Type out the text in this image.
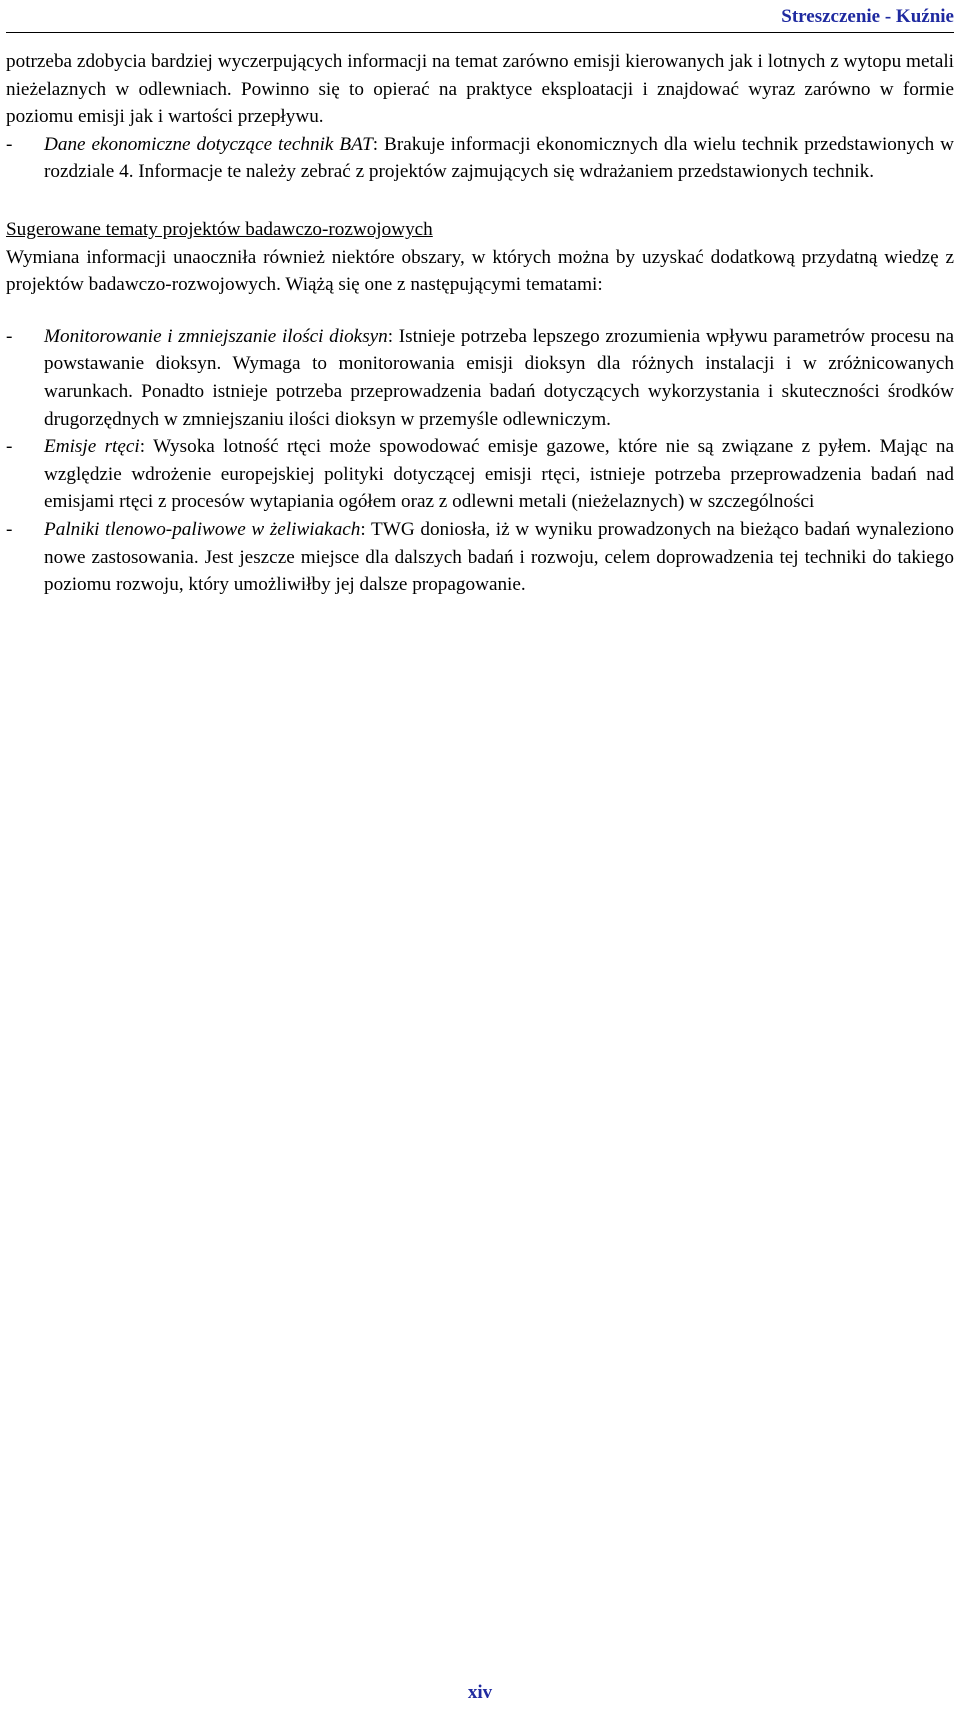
Streszczenie - Kuźnie

potrzeba zdobycia bardziej wyczerpujących informacji na temat zarówno emisji kierowanych jak i lotnych z wytopu metali nieżelaznych w odlewniach. Powinno się to opierać na praktyce eksploatacji i znajdować wyraz zarówno w formie poziomu emisji jak i wartości przepływu.

- Dane ekonomiczne dotyczące technik BAT: Brakuje informacji ekonomicznych dla wielu technik przedstawionych w rozdziale 4. Informacje te należy zebrać z projektów zajmujących się wdrażaniem przedstawionych technik.

Sugerowane tematy projektów badawczo-rozwojowych

Wymiana informacji unaoczniła również niektóre obszary, w których można by uzyskać dodatkową przydatną wiedzę z projektów badawczo-rozwojowych. Wiążą się one z następującymi tematami:

- Monitorowanie i zmniejszanie ilości dioksyn: Istnieje potrzeba lepszego zrozumienia wpływu parametrów procesu na powstawanie dioksyn. Wymaga to monitorowania emisji dioksyn dla różnych instalacji i w zróżnicowanych warunkach. Ponadto istnieje potrzeba przeprowadzenia badań dotyczących wykorzystania i skuteczności środków drugorzędnych w zmniejszaniu ilości dioksyn w przemyśle odlewniczym.

- Emisje rtęci: Wysoka lotność rtęci może spowodować emisje gazowe, które nie są związane z pyłem. Mając na względzie wdrożenie europejskiej polityki dotyczącej emisji rtęci, istnieje potrzeba przeprowadzenia badań nad emisjami rtęci z procesów wytapiania ogółem oraz z odlewni metali (nieżelaznych) w szczególności

- Palniki tlenowo-paliwowe w żeliwiakach: TWG doniosła, iż w wyniku prowadzonych na bieżąco badań wynaleziono nowe zastosowania. Jest jeszcze miejsce dla dalszych badań i rozwoju, celem doprowadzenia tej techniki do takiego poziomu rozwoju, który umożliwiłby jej dalsze propagowanie.

xiv
